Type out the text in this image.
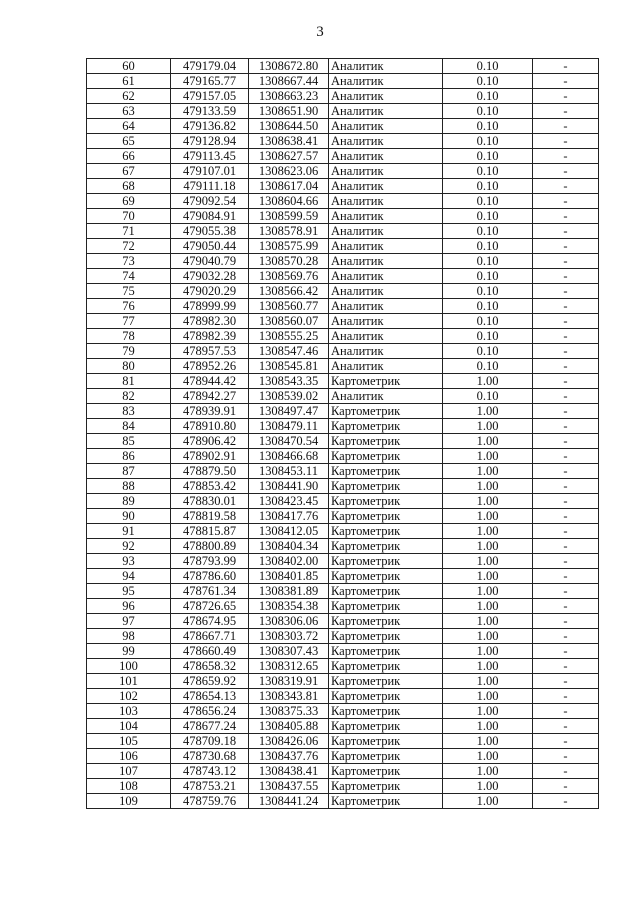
3
60	479179.04	1308672.80	Аналитик	0.10	-
61	479165.77	1308667.44	Аналитик	0.10	-
62	479157.05	1308663.23	Аналитик	0.10	-
63	479133.59	1308651.90	Аналитик	0.10	-
64	479136.82	1308644.50	Аналитик	0.10	-
65	479128.94	1308638.41	Аналитик	0.10	-
66	479113.45	1308627.57	Аналитик	0.10	-
67	479107.01	1308623.06	Аналитик	0.10	-
68	479111.18	1308617.04	Аналитик	0.10	-
69	479092.54	1308604.66	Аналитик	0.10	-
70	479084.91	1308599.59	Аналитик	0.10	-
71	479055.38	1308578.91	Аналитик	0.10	-
72	479050.44	1308575.99	Аналитик	0.10	-
73	479040.79	1308570.28	Аналитик	0.10	-
74	479032.28	1308569.76	Аналитик	0.10	-
75	479020.29	1308566.42	Аналитик	0.10	-
76	478999.99	1308560.77	Аналитик	0.10	-
77	478982.30	1308560.07	Аналитик	0.10	-
78	478982.39	1308555.25	Аналитик	0.10	-
79	478957.53	1308547.46	Аналитик	0.10	-
80	478952.26	1308545.81	Аналитик	0.10	-
81	478944.42	1308543.35	Картометрик	1.00	-
82	478942.27	1308539.02	Аналитик	0.10	-
83	478939.91	1308497.47	Картометрик	1.00	-
84	478910.80	1308479.11	Картометрик	1.00	-
85	478906.42	1308470.54	Картометрик	1.00	-
86	478902.91	1308466.68	Картометрик	1.00	-
87	478879.50	1308453.11	Картометрик	1.00	-
88	478853.42	1308441.90	Картометрик	1.00	-
89	478830.01	1308423.45	Картометрик	1.00	-
90	478819.58	1308417.76	Картометрик	1.00	-
91	478815.87	1308412.05	Картометрик	1.00	-
92	478800.89	1308404.34	Картометрик	1.00	-
93	478793.99	1308402.00	Картометрик	1.00	-
94	478786.60	1308401.85	Картометрик	1.00	-
95	478761.34	1308381.89	Картометрик	1.00	-
96	478726.65	1308354.38	Картометрик	1.00	-
97	478674.95	1308306.06	Картометрик	1.00	-
98	478667.71	1308303.72	Картометрик	1.00	-
99	478660.49	1308307.43	Картометрик	1.00	-
100	478658.32	1308312.65	Картометрик	1.00	-
101	478659.92	1308319.91	Картометрик	1.00	-
102	478654.13	1308343.81	Картометрик	1.00	-
103	478656.24	1308375.33	Картометрик	1.00	-
104	478677.24	1308405.88	Картометрик	1.00	-
105	478709.18	1308426.06	Картометрик	1.00	-
106	478730.68	1308437.76	Картометрик	1.00	-
107	478743.12	1308438.41	Картометрик	1.00	-
108	478753.21	1308437.55	Картометрик	1.00	-
109	478759.76	1308441.24	Картометрик	1.00	-
